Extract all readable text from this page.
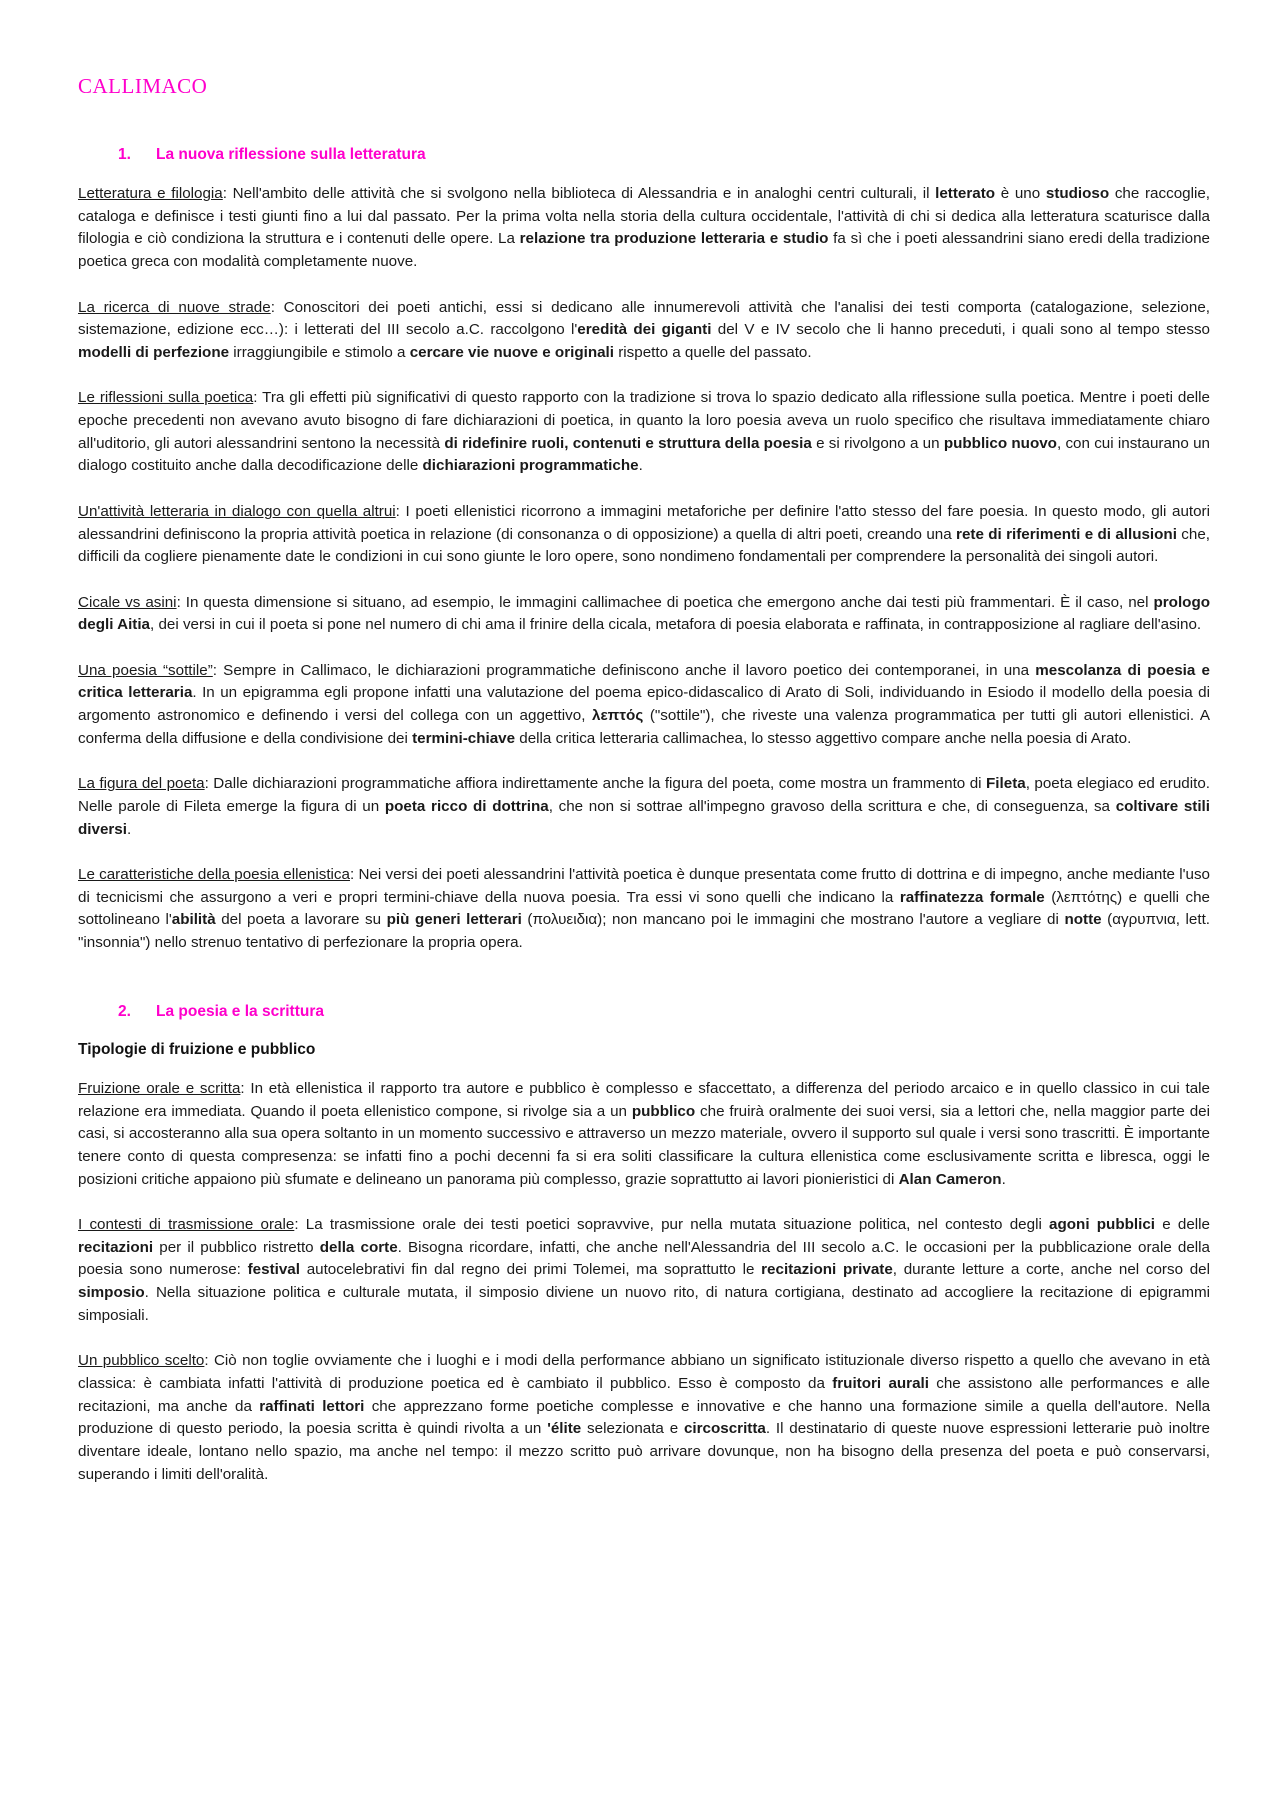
CALLIMACO
1. La nuova riflessione sulla letteratura

Letteratura e filologia: Nell'ambito delle attività che si svolgono nella biblioteca di Alessandria e in analoghi centri culturali, il letterato è uno studioso che raccoglie, cataloga e definisce i testi giunti fino a lui dal passato. Per la prima volta nella storia della cultura occidentale, l'attività di chi si dedica alla letteratura scaturisce dalla filologia e ciò condiziona la struttura e i contenuti delle opere. La relazione tra produzione letteraria e studio fa sì che i poeti alessandrini siano eredi della tradizione poetica greca con modalità completamente nuove.

La ricerca di nuove strade: Conoscitori dei poeti antichi, essi si dedicano alle innumerevoli attività che l'analisi dei testi comporta (catalogazione, selezione, sistemazione, edizione ecc…): i letterati del III secolo a.C. raccolgono l'eredità dei giganti del V e IV secolo che li hanno preceduti, i quali sono al tempo stesso modelli di perfezione irraggiungibile e stimolo a cercare vie nuove e originali rispetto a quelle del passato.

Le riflessioni sulla poetica: Tra gli effetti più significativi di questo rapporto con la tradizione si trova lo spazio dedicato alla riflessione sulla poetica. Mentre i poeti delle epoche precedenti non avevano avuto bisogno di fare dichiarazioni di poetica, in quanto la loro poesia aveva un ruolo specifico che risultava immediatamente chiaro all'uditorio, gli autori alessandrini sentono la necessità di ridefinire ruoli, contenuti e struttura della poesia e si rivolgono a un pubblico nuovo, con cui instaurano un dialogo costituito anche dalla decodificazione delle dichiarazioni programmatiche.

Un'attività letteraria in dialogo con quella altrui: I poeti ellenistici ricorrono a immagini metaforiche per definire l'atto stesso del fare poesia. In questo modo, gli autori alessandrini definiscono la propria attività poetica in relazione (di consonanza o di opposizione) a quella di altri poeti, creando una rete di riferimenti e di allusioni che, difficili da cogliere pienamente date le condizioni in cui sono giunte le loro opere, sono nondimeno fondamentali per comprendere la personalità dei singoli autori.

Cicale vs asini: In questa dimensione si situano, ad esempio, le immagini callimachee di poetica che emergono anche dai testi più frammentari. È il caso, nel prologo degli Aitia, dei versi in cui il poeta si pone nel numero di chi ama il frinire della cicala, metafora di poesia elaborata e raffinata, in contrapposizione al ragliare dell'asino.

Una poesia “sottile”: Sempre in Callimaco, le dichiarazioni programmatiche definiscono anche il lavoro poetico dei contemporanei, in una mescolanza di poesia e critica letteraria. In un epigramma egli propone infatti una valutazione del poema epico-didascalico di Arato di Soli, individuando in Esiodo il modello della poesia di argomento astronomico e definendo i versi del collega con un aggettivo, λεπτός ("sottile"), che riveste una valenza programmatica per tutti gli autori ellenistici. A conferma della diffusione e della condivisione dei termini-chiave della critica letteraria callimachea, lo stesso aggettivo compare anche nella poesia di Arato.

La figura del poeta: Dalle dichiarazioni programmatiche affiora indirettamente anche la figura del poeta, come mostra un frammento di Fileta, poeta elegiaco ed erudito. Nelle parole di Fileta emerge la figura di un poeta ricco di dottrina, che non si sottrae all'impegno gravoso della scrittura e che, di conseguenza, sa coltivare stili diversi.

Le caratteristiche della poesia ellenistica: Nei versi dei poeti alessandrini l'attività poetica è dunque presentata come frutto di dottrina e di impegno, anche mediante l'uso di tecnicismi che assurgono a veri e propri termini-chiave della nuova poesia. Tra essi vi sono quelli che indicano la raffinatezza formale (λεπτότης) e quelli che sottolineano l'abilità del poeta a lavorare su più generi letterari (πολυειδια); non mancano poi le immagini che mostrano l'autore a vegliare di notte (αγρυπνια, lett. "insonnia") nello strenuo tentativo di perfezionare la propria opera.

2. La poesia e la scrittura
Tipologie di fruizione e pubblico

Fruizione orale e scritta: In età ellenistica il rapporto tra autore e pubblico è complesso e sfaccettato, a differenza del periodo arcaico e in quello classico in cui tale relazione era immediata. Quando il poeta ellenistico compone, si rivolge sia a un pubblico che fruirà oralmente dei suoi versi, sia a lettori che, nella maggior parte dei casi, si accosteranno alla sua opera soltanto in un momento successivo e attraverso un mezzo materiale, ovvero il supporto sul quale i versi sono trascritti. È importante tenere conto di questa compresenza: se infatti fino a pochi decenni fa si era soliti classificare la cultura ellenistica come esclusivamente scritta e libresca, oggi le posizioni critiche appaiono più sfumate e delineano un panorama più complesso, grazie soprattutto ai lavori pionieristici di Alan Cameron.

I contesti di trasmissione orale: La trasmissione orale dei testi poetici sopravvive, pur nella mutata situazione politica, nel contesto degli agoni pubblici e delle recitazioni per il pubblico ristretto della corte. Bisogna ricordare, infatti, che anche nell'Alessandria del III secolo a.C. le occasioni per la pubblicazione orale della poesia sono numerose: festival autocelebrativi fin dal regno dei primi Tolemei, ma soprattutto le recitazioni private, durante letture a corte, anche nel corso del simposio. Nella situazione politica e culturale mutata, il simposio diviene un nuovo rito, di natura cortigiana, destinato ad accogliere la recitazione di epigrammi simposiali.

Un pubblico scelto: Ciò non toglie ovviamente che i luoghi e i modi della performance abbiano un significato istituzionale diverso rispetto a quello che avevano in età classica: è cambiata infatti l'attività di produzione poetica ed è cambiato il pubblico. Esso è composto da fruitori aurali che assistono alle performances e alle recitazioni, ma anche da raffinati lettori che apprezzano forme poetiche complesse e innovative e che hanno una formazione simile a quella dell'autore. Nella produzione di questo periodo, la poesia scritta è quindi rivolta a un 'élite selezionata e circoscritta. Il destinatario di queste nuove espressioni letterarie può inoltre diventare ideale, lontano nello spazio, ma anche nel tempo: il mezzo scritto può arrivare dovunque, non ha bisogno della presenza del poeta e può conservarsi, superando i limiti dell'oralità.
